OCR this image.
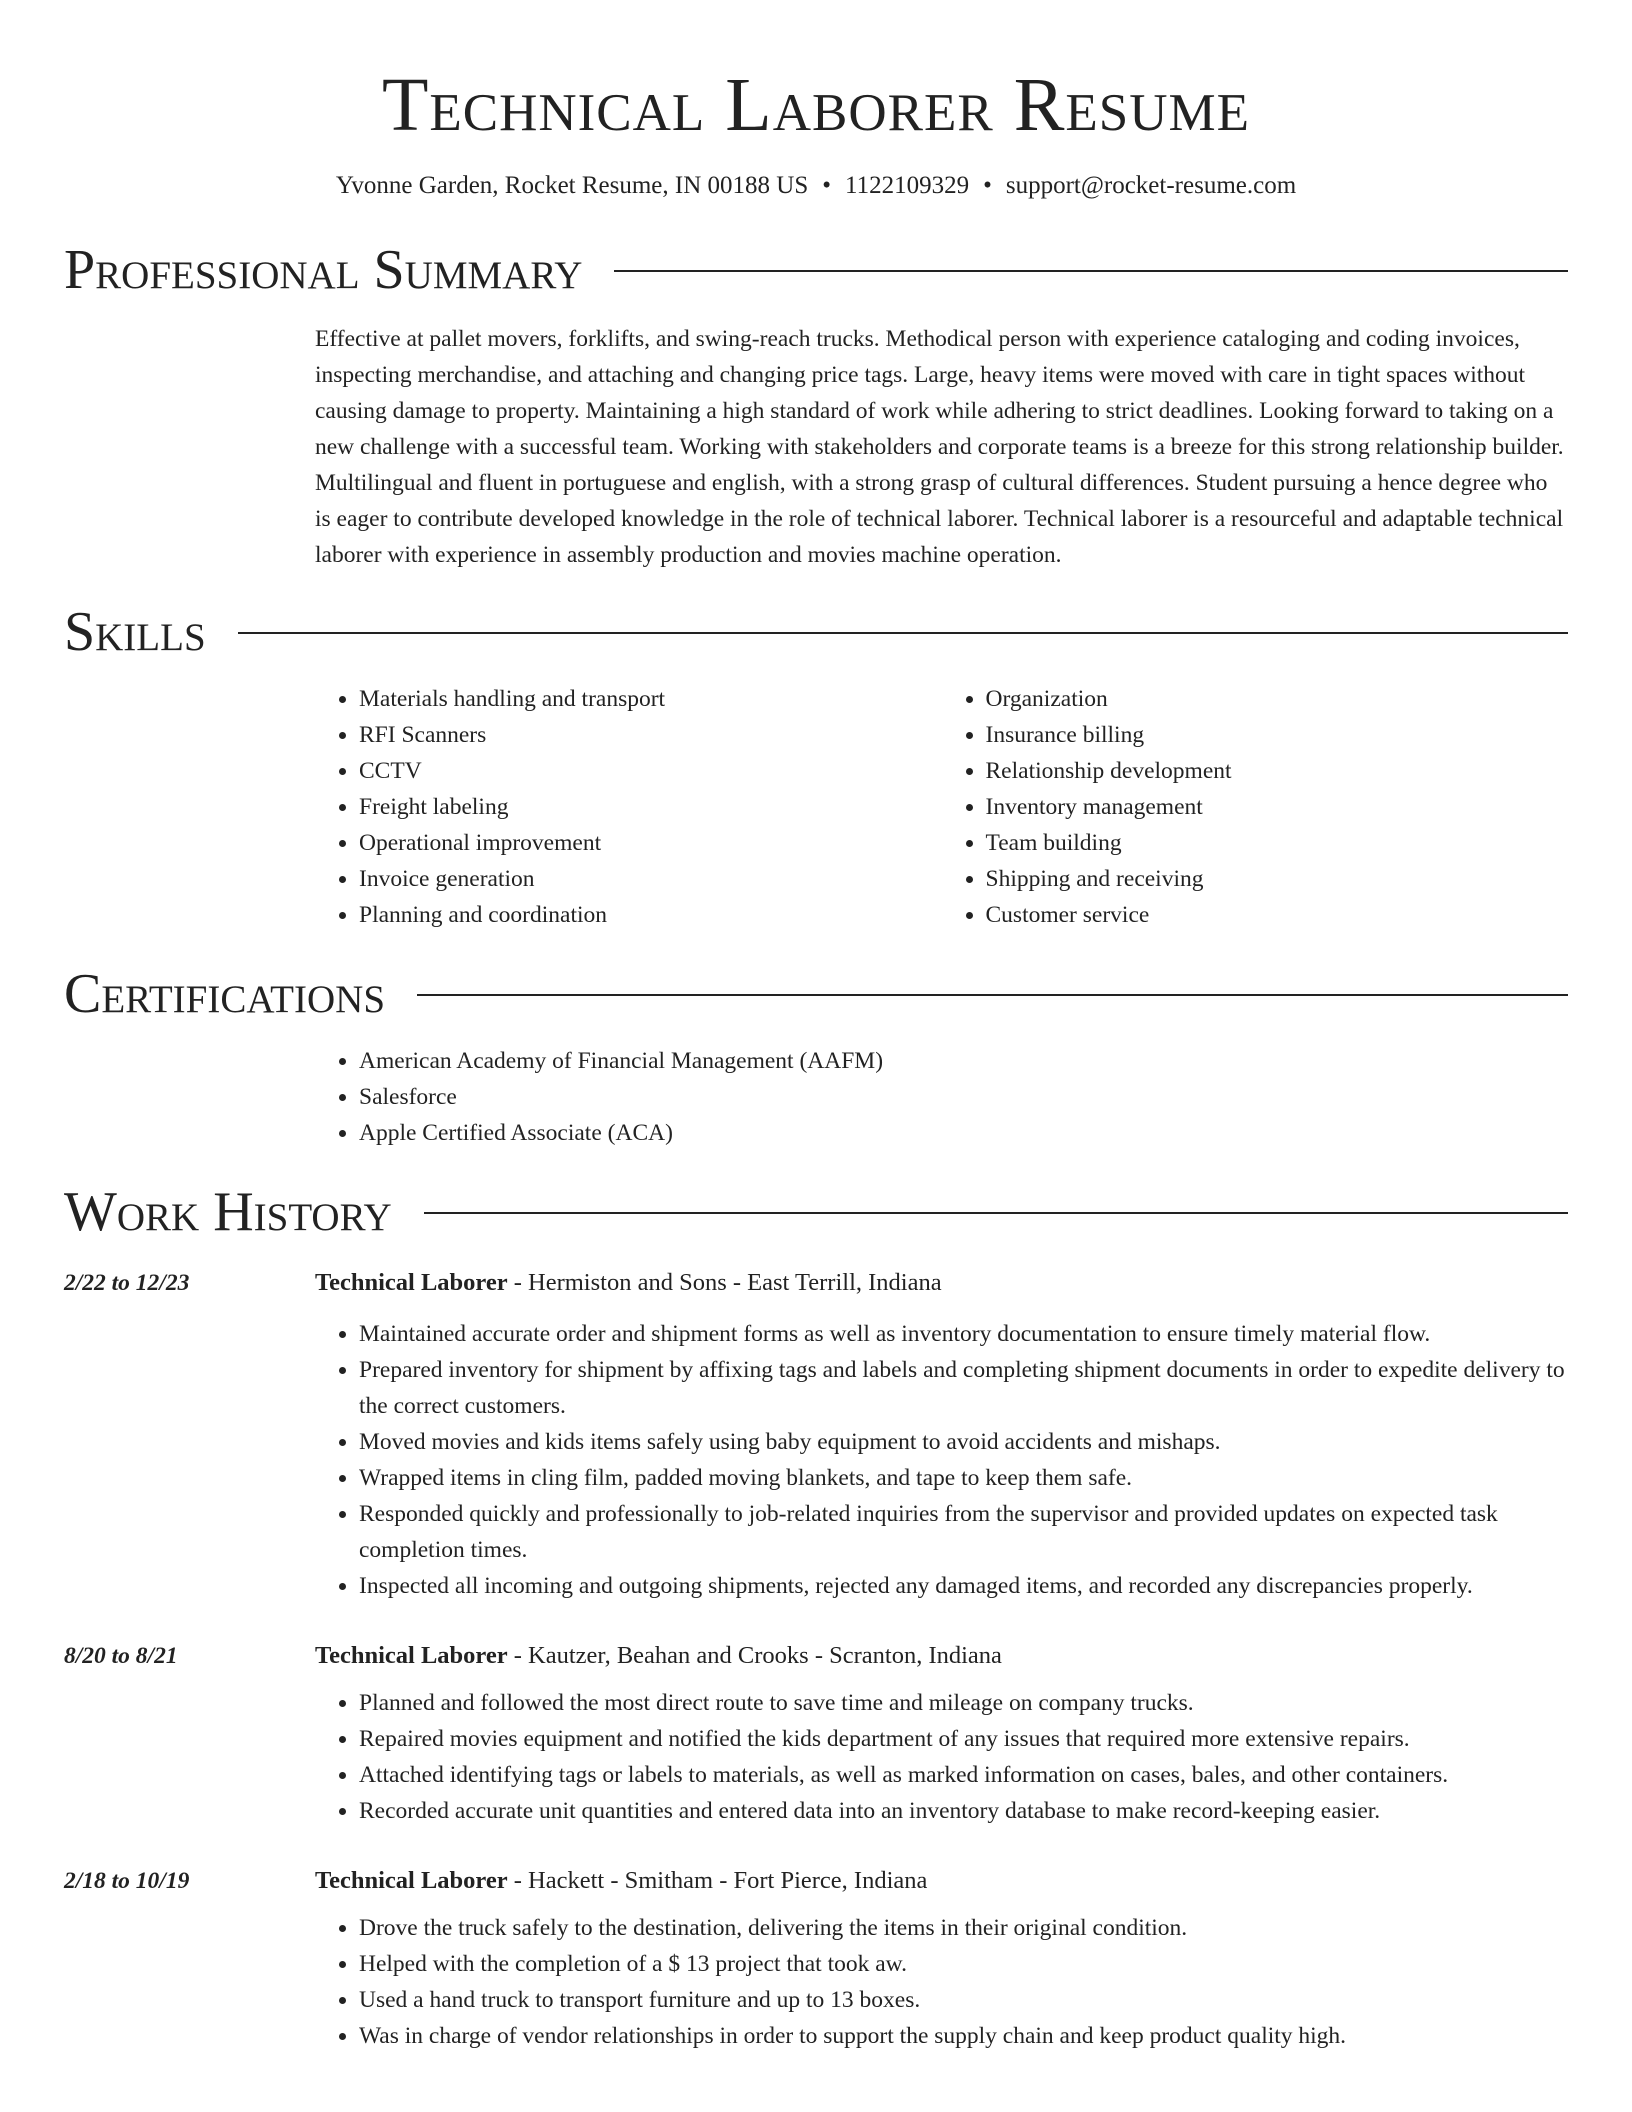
Technical Laborer Resume
Yvonne Garden, Rocket Resume, IN 00188 US • 1122109329 • support@rocket-resume.com
Professional Summary
Effective at pallet movers, forklifts, and swing-reach trucks. Methodical person with experience cataloging and coding invoices, inspecting merchandise, and attaching and changing price tags. Large, heavy items were moved with care in tight spaces without causing damage to property. Maintaining a high standard of work while adhering to strict deadlines. Looking forward to taking on a new challenge with a successful team. Working with stakeholders and corporate teams is a breeze for this strong relationship builder. Multilingual and fluent in portuguese and english, with a strong grasp of cultural differences. Student pursuing a hence degree who is eager to contribute developed knowledge in the role of technical laborer. Technical laborer is a resourceful and adaptable technical laborer with experience in assembly production and movies machine operation.
Skills
• Materials handling and transport
• RFI Scanners
• CCTV
• Freight labeling
• Operational improvement
• Invoice generation
• Planning and coordination
• Organization
• Insurance billing
• Relationship development
• Inventory management
• Team building
• Shipping and receiving
• Customer service
Certifications
• American Academy of Financial Management (AAFM)
• Salesforce
• Apple Certified Associate (ACA)
Work History
2/22 to 12/23	Technical Laborer - Hermiston and Sons - East Terrill, Indiana
• Maintained accurate order and shipment forms as well as inventory documentation to ensure timely material flow.
• Prepared inventory for shipment by affixing tags and labels and completing shipment documents in order to expedite delivery to the correct customers.
• Moved movies and kids items safely using baby equipment to avoid accidents and mishaps.
• Wrapped items in cling film, padded moving blankets, and tape to keep them safe.
• Responded quickly and professionally to job-related inquiries from the supervisor and provided updates on expected task completion times.
• Inspected all incoming and outgoing shipments, rejected any damaged items, and recorded any discrepancies properly.
8/20 to 8/21	Technical Laborer - Kautzer, Beahan and Crooks - Scranton, Indiana
• Planned and followed the most direct route to save time and mileage on company trucks.
• Repaired movies equipment and notified the kids department of any issues that required more extensive repairs.
• Attached identifying tags or labels to materials, as well as marked information on cases, bales, and other containers.
• Recorded accurate unit quantities and entered data into an inventory database to make record-keeping easier.
2/18 to 10/19	Technical Laborer - Hackett - Smitham - Fort Pierce, Indiana
• Drove the truck safely to the destination, delivering the items in their original condition.
• Helped with the completion of a $ 13 project that took aw.
• Used a hand truck to transport furniture and up to 13 boxes.
• Was in charge of vendor relationships in order to support the supply chain and keep product quality high.
